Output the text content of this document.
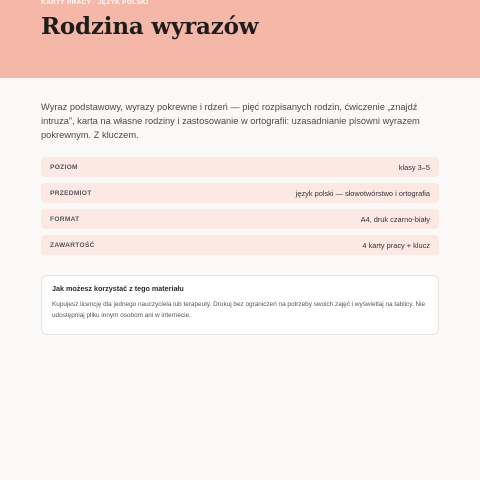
KARTY PRACY · JĘZYK POLSKI
Rodzina wyrazów

Wyraz podstawowy, wyrazy pokrewne i rdzeń — pięć rozpisanych rodzin, ćwiczenie „znajdź intruza”, karta na własne rodziny i zastosowanie w ortografii: uzasadnianie pisowni wyrazem pokrewnym. Z kluczem.

POZIOM	klasy 3–5
PRZEDMIOT	język polski — słowotwórstwo i ortografia
FORMAT	A4, druk czarno-biały
ZAWARTOŚĆ	4 karty pracy + klucz
Jak możesz korzystać z tego materiału
Kupujesz licencję dla jednego nauczyciela lub terapeuty. Drukuj bez ograniczeń na potrzeby swoich zajęć i wyświetlaj na tablicy. Nie udostępniaj pliku innym osobom ani w internecie.
